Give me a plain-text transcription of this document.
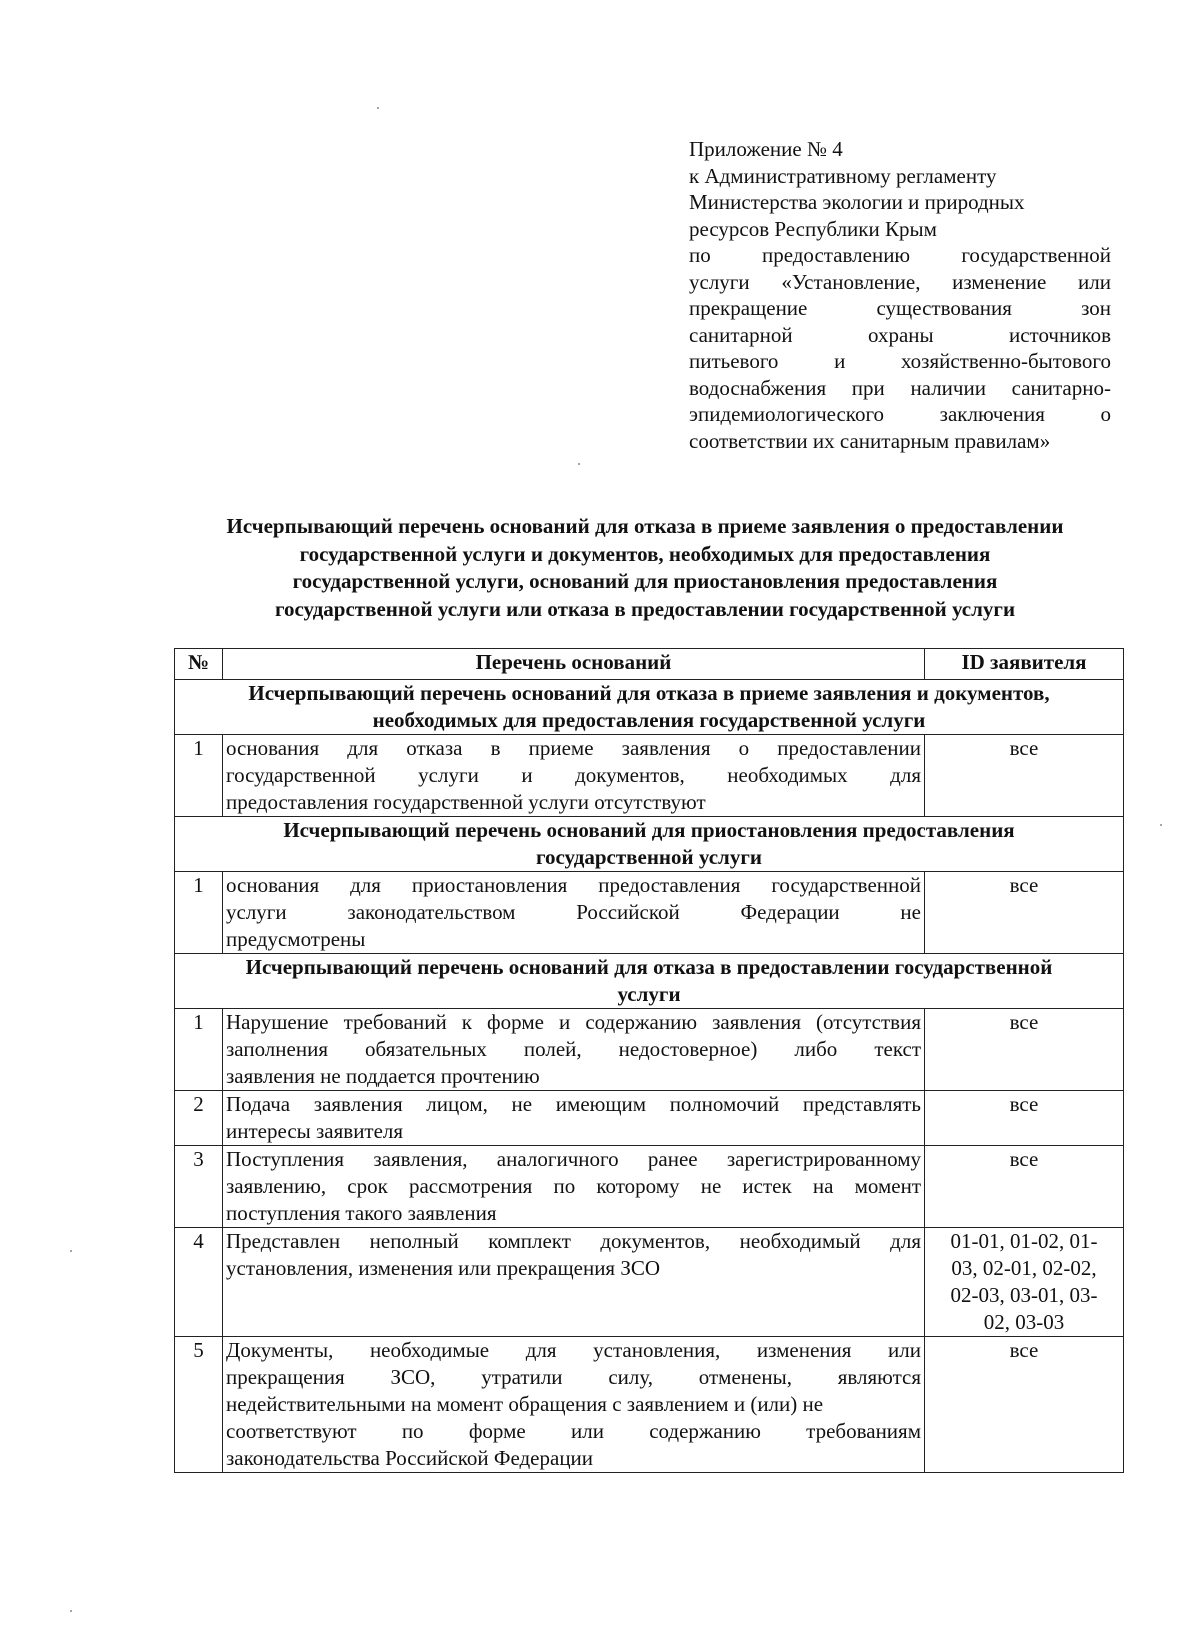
Приложение № 4
к Административному регламенту
Министерства экологии и природных
ресурсов Республики Крым
по предоставлению государственной
услуги «Установление, изменение или
прекращение существования зон
санитарной охраны источников
питьевого и хозяйственно-бытового
водоснабжения при наличии санитарно-
эпидемиологического заключения о
соответствии их санитарным правилам»
Исчерпывающий перечень оснований для отказа в приеме заявления о предоставлении
государственной услуги и документов, необходимых для предоставления
государственной услуги, оснований для приостановления предоставления
государственной услуги или отказа в предоставлении государственной услуги
№	Перечень оснований	ID заявителя

Исчерпывающий перечень оснований для отказа в приеме заявления и документов,
необходимых для предоставления государственной услуги		

1	основания для отказа в приеме заявления о предоставлении
государственной услуги и документов, необходимых для
предоставления государственной услуги отсутствуют	все

Исчерпывающий перечень оснований для приостановления предоставления
государственной услуги		

1	основания для приостановления предоставления государственной
услуги законодательством Российской Федерации не
предусмотрены	все

Исчерпывающий перечень оснований для отказа в предоставлении государственной
услуги		

1	Нарушение требований к форме и содержанию заявления (отсутствия
заполнения обязательных полей, недостоверное) либо текст
заявления не поддается прочтению	все

2	Подача заявления лицом, не имеющим полномочий представлять
интересы заявителя	все

3	Поступления заявления, аналогичного ранее зарегистрированному
заявлению, срок рассмотрения по которому не истек на момент
поступления такого заявления	все

4	Представлен неполный комплект документов, необходимый для
установления, изменения или прекращения ЗСО	01-01, 01-02, 01-
03, 02-01, 02-02,
02-03, 03-01, 03-
02, 03-03

5	Документы, необходимые для установления, изменения или
прекращения ЗСО, утратили силу, отменены, являются
недействительными на момент обращения с заявлением и (или) не
соответствуют по форме или содержанию требованиям
законодательства Российской Федерации	все
